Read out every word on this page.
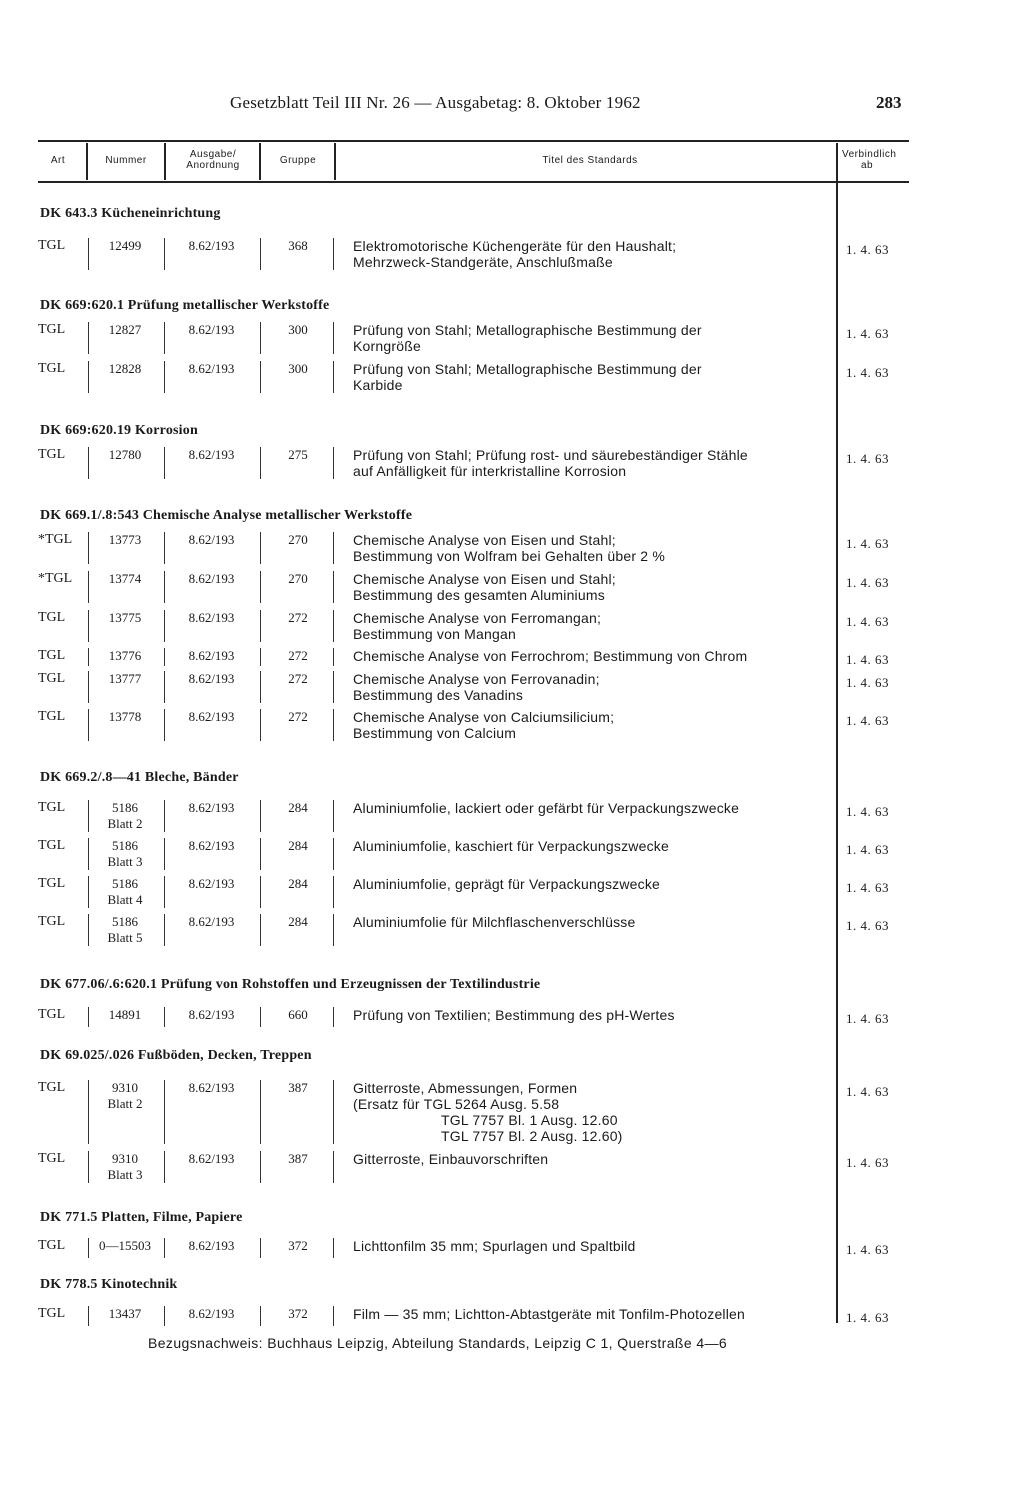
Gesetzblatt Teil III Nr. 26 — Ausgabetag: 8. Oktober 1962	283
Art	Nummer
Ausgabe/ Anordnung	Gruppe	Titel des Standards
Verbindlich ab
DK 643.3 Kücheneinrichtung
TGL	12499	8.62/193	368	Elektromotorische Küchengeräte für den Haushalt;
Mehrzweck-Standgeräte, Anschlußmaße
1. 4. 63
DK 669:620.1 Prüfung metallischer Werkstoffe
TGL	12827	8.62/193	300	Prüfung von Stahl; Metallographische Bestimmung der
Korngröße
1. 4. 63
TGL	12828	8.62/193	300	Prüfung von Stahl; Metallographische Bestimmung der
Karbide
1. 4. 63
DK 669:620.19 Korrosion
TGL	12780	8.62/193	275	Prüfung von Stahl; Prüfung rost- und säurebeständiger Stähle
auf Anfälligkeit für interkristalline Korrosion
1. 4. 63
DK 669.1/.8:543 Chemische Analyse metallischer Werkstoffe
*TGL	13773	8.62/193	270	Chemische Analyse von Eisen und Stahl;
Bestimmung von Wolfram bei Gehalten über 2 %
1. 4. 63
*TGL	13774	8.62/193	270	Chemische Analyse von Eisen und Stahl;
Bestimmung des gesamten Aluminiums
1. 4. 63
TGL	13775	8.62/193	272	Chemische Analyse von Ferromangan;
Bestimmung von Mangan
1. 4. 63
TGL	13776	8.62/193	272	Chemische Analyse von Ferrochrom; Bestimmung von Chrom	1. 4. 63
TGL	13777	8.62/193	272	Chemische Analyse von Ferrovanadin;
Bestimmung des Vanadins
1. 4. 63
TGL	13778	8.62/193	272	Chemische Analyse von Calciumsilicium;
Bestimmung von Calcium
1. 4. 63
DK 669.2/.8—41 Bleche, Bänder
TGL	5186
Blatt 2
8.62/193	284	Aluminiumfolie, lackiert oder gefärbt für Verpackungszwecke	1. 4. 63
TGL	5186
Blatt 3
8.62/193	284	Aluminiumfolie, kaschiert für Verpackungszwecke	1. 4. 63
TGL	5186
Blatt 4
8.62/193	284	Aluminiumfolie, geprägt für Verpackungszwecke	1. 4. 63
TGL	5186
Blatt 5
8.62/193	284	Aluminiumfolie für Milchflaschenverschlüsse	1. 4. 63
DK 677.06/.6:620.1 Prüfung von Rohstoffen und Erzeugnissen der Textilindustrie
TGL	14891	8.62/193	660	Prüfung von Textilien; Bestimmung des pH-Wertes	1. 4. 63
DK 69.025/.026 Fußböden, Decken, Treppen
TGL	9310
Blatt 2
8.62/193	387	Gitterroste, Abmessungen, Formen
(Ersatz für TGL 5264 Ausg. 5.58
TGL 7757 Bl. 1 Ausg. 12.60
TGL 7757 Bl. 2 Ausg. 12.60)
1. 4. 63
TGL	9310
Blatt 3
8.62/193	387	Gitterroste, Einbauvorschriften	1. 4. 63
DK 771.5 Platten, Filme, Papiere
TGL	0—15503	8.62/193	372	Lichttonfilm 35 mm; Spurlagen und Spaltbild	1. 4. 63
DK 778.5 Kinotechnik
TGL	13437	8.62/193	372	Film — 35 mm; Lichtton-Abtastgeräte mit Tonfilm-Photozellen	1. 4. 63
Bezugsnachweis: Buchhaus Leipzig, Abteilung Standards, Leipzig C 1, Querstraße 4—6
